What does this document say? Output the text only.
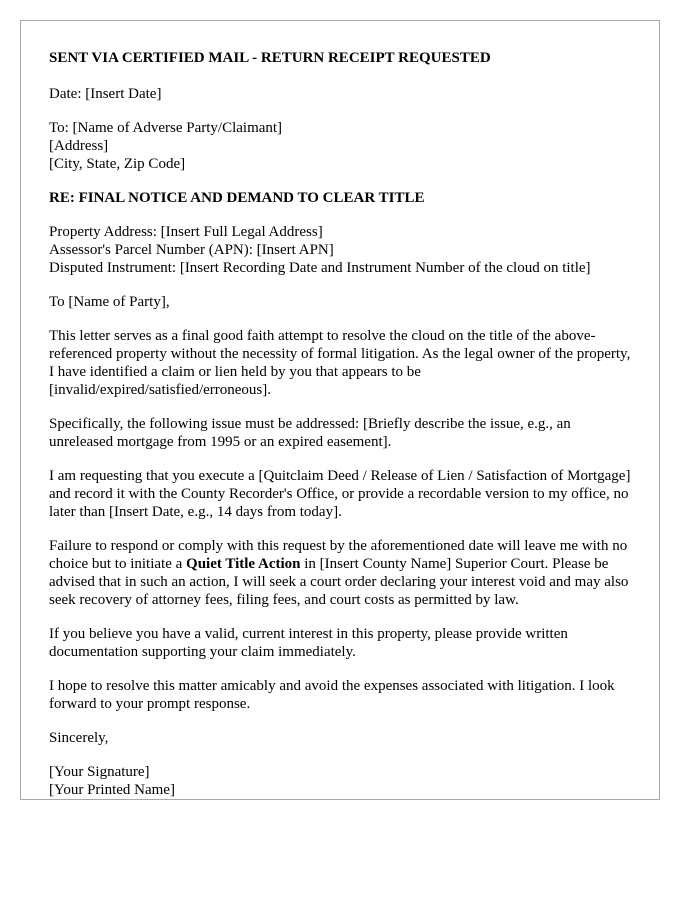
SENT VIA CERTIFIED MAIL - RETURN RECEIPT REQUESTED

Date: [Insert Date]

To: [Name of Adverse Party/Claimant]
[Address]
[City, State, Zip Code]

RE: FINAL NOTICE AND DEMAND TO CLEAR TITLE

Property Address: [Insert Full Legal Address]
Assessor's Parcel Number (APN): [Insert APN]
Disputed Instrument: [Insert Recording Date and Instrument Number of the cloud on title]

To [Name of Party],

This letter serves as a final good faith attempt to resolve the cloud on the title of the above-referenced property without the necessity of formal litigation. As the legal owner of the property, I have identified a claim or lien held by you that appears to be [invalid/expired/satisfied/erroneous].

Specifically, the following issue must be addressed: [Briefly describe the issue, e.g., an unreleased mortgage from 1995 or an expired easement].

I am requesting that you execute a [Quitclaim Deed / Release of Lien / Satisfaction of Mortgage] and record it with the County Recorder's Office, or provide a recordable version to my office, no later than [Insert Date, e.g., 14 days from today].

Failure to respond or comply with this request by the aforementioned date will leave me with no choice but to initiate a Quiet Title Action in [Insert County Name] Superior Court. Please be advised that in such an action, I will seek a court order declaring your interest void and may also seek recovery of attorney fees, filing fees, and court costs as permitted by law.

If you believe you have a valid, current interest in this property, please provide written documentation supporting your claim immediately.

I hope to resolve this matter amicably and avoid the expenses associated with litigation. I look forward to your prompt response.

Sincerely,

[Your Signature]
[Your Printed Name]
